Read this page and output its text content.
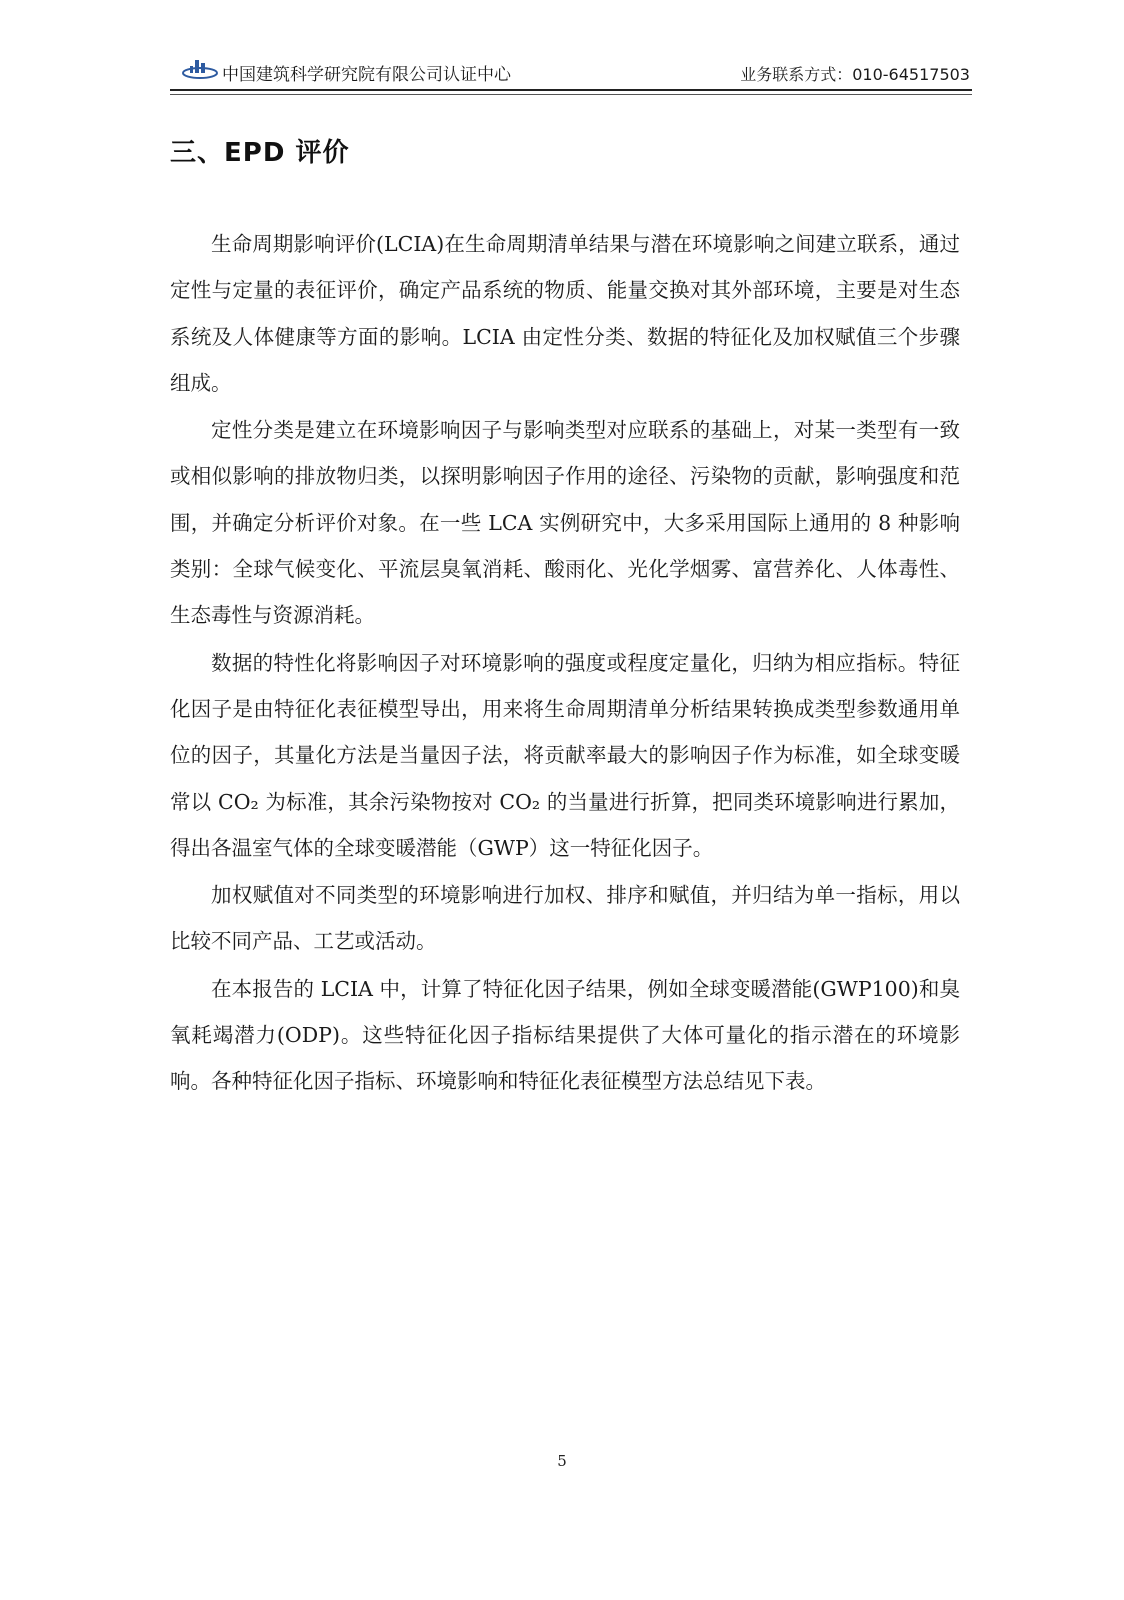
中国建筑科学研究院有限公司认证中心	业务联系方式：010-64517503
三、EPD 评价

生命周期影响评价(LCIA)在生命周期清单结果与潜在环境影响之间建立联系，通过定性与定量的表征评价，确定产品系统的物质、能量交换对其外部环境，主要是对生态系统及人体健康等方面的影响。LCIA 由定性分类、数据的特征化及加权赋值三个步骤组成。

定性分类是建立在环境影响因子与影响类型对应联系的基础上，对某一类型有一致或相似影响的排放物归类，以探明影响因子作用的途径、污染物的贡献，影响强度和范围，并确定分析评价对象。在一些 LCA 实例研究中，大多采用国际上通用的 8 种影响类别：全球气候变化、平流层臭氧消耗、酸雨化、光化学烟雾、富营养化、人体毒性、生态毒性与资源消耗。

数据的特性化将影响因子对环境影响的强度或程度定量化，归纳为相应指标。特征化因子是由特征化表征模型导出，用来将生命周期清单分析结果转换成类型参数通用单位的因子，其量化方法是当量因子法，将贡献率最大的影响因子作为标准，如全球变暖常以 CO₂ 为标准，其余污染物按对 CO₂ 的当量进行折算，把同类环境影响进行累加，得出各温室气体的全球变暖潜能（GWP）这一特征化因子。

加权赋值对不同类型的环境影响进行加权、排序和赋值，并归结为单一指标，用以比较不同产品、工艺或活动。

在本报告的 LCIA 中，计算了特征化因子结果，例如全球变暖潜能(GWP100)和臭氧耗竭潜力(ODP)。这些特征化因子指标结果提供了大体可量化的指示潜在的环境影响。各种特征化因子指标、环境影响和特征化表征模型方法总结见下表。

5
